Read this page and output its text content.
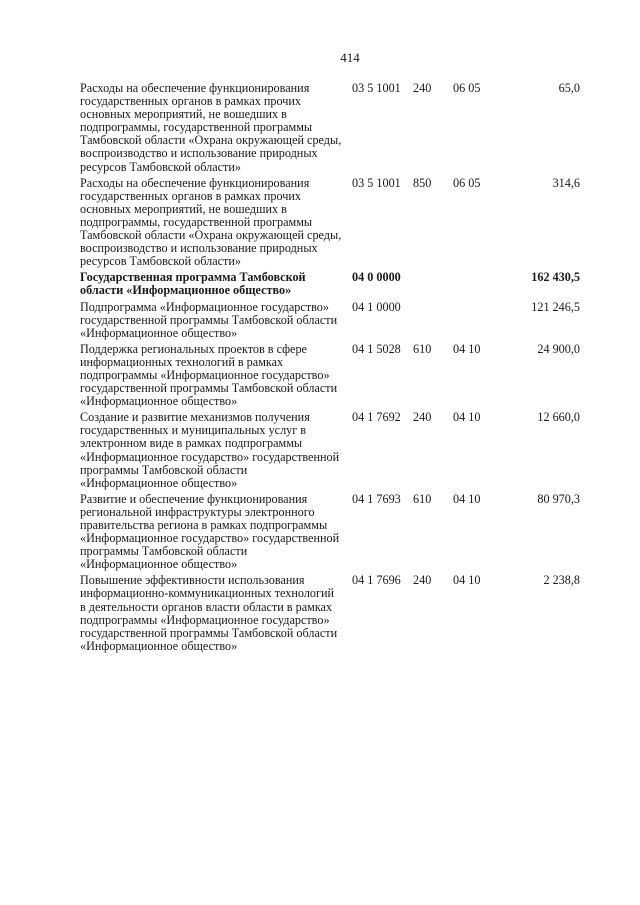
414
Расходы на обеспечение функционирования государственных органов в рамках прочих основных мероприятий, не вошедших в подпрограммы, государственной программы Тамбовской области «Охрана окружающей среды, воспроизводство и использование природных ресурсов Тамбовской области»
03 5 1001 240 06 05	65,0
Расходы на обеспечение функционирования государственных органов в рамках прочих основных мероприятий, не вошедших в подпрограммы, государственной программы Тамбовской области «Охрана окружающей среды, воспроизводство и использование природных ресурсов Тамбовской области»
03 5 1001 850 06 05	314,6
Государственная программа Тамбовской области «Информационное общество»
04 0 0000	162 430,5
Подпрограмма «Информационное государство» государственной программы Тамбовской области «Информационное общество»
04 1 0000	121 246,5
Поддержка региональных проектов в сфере информационных технологий в рамках подпрограммы «Информационное государство» государственной программы Тамбовской области «Информационное общество»
04 1 5028 610 04 10	24 900,0
Создание и развитие механизмов получения государственных и муниципальных услуг в электронном виде в рамках подпрограммы «Информационное государство» государственной программы Тамбовской области «Информационное общество»
04 1 7692 240 04 10	12 660,0
Развитие и обеспечение функционирования региональной инфраструктуры электронного правительства региона в рамках подпрограммы «Информационное государство» государственной программы Тамбовской области «Информационное общество»
04 1 7693 610 04 10	80 970,3
Повышение эффективности использования информационно-коммуникационных технологий в деятельности органов власти области в рамках подпрограммы «Информационное государство» государственной программы Тамбовской области «Информационное общество»
04 1 7696 240 04 10	2 238,8
